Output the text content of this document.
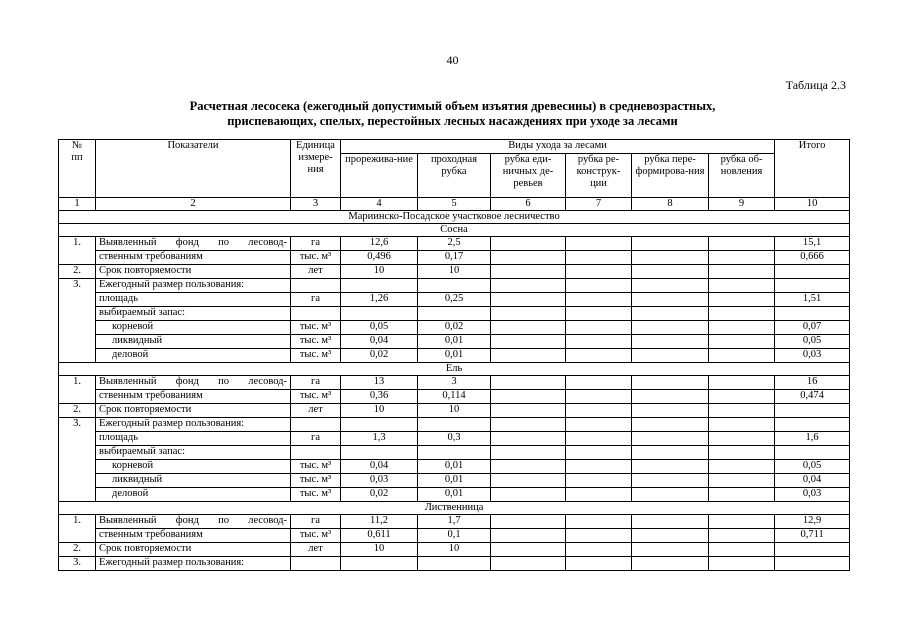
40
Таблица 2.3
Расчетная лесосека (ежегодный допустимый объем изъятия древесины) в средневозрастных,
приспевающих, спелых, перестойных лесных насаждениях при уходе за лесами
№
пп	Показатели	Единица измере-ния	Виды ухода за лесами						Итого
			прорежива-ние	проходная рубка	рубка еди-ничных де-ревьев	рубка ре-конструк-ции	рубка пере-формирова-ния	рубка об-новления	
1	2	3	4	5	6	7	8	9	10
Мариинско-Посадское участковое лесничество									
Сосна									
1.	Выявленный фонд по лесовод-	га	12,6	2,5					15,1
	ственным требованиям	тыс. м³	0,496	0,17					0,666
2.	Срок повторяемости	лет	10	10					
3.	Ежегодный размер пользования:								
	площадь	га	1,26	0,25					1,51
	выбираемый запас:								
	корневой	тыс. м³	0,05	0,02					0,07
	ликвидный	тыс. м³	0,04	0,01					0,05
	деловой	тыс. м³	0,02	0,01					0,03
Ель									
1.	Выявленный фонд по лесовод-	га	13	3					16
	ственным требованиям	тыс. м³	0,36	0,114					0,474
2.	Срок повторяемости	лет	10	10					
3.	Ежегодный размер пользования:								
	площадь	га	1,3	0,3					1,6
	выбираемый запас:								
	корневой	тыс. м³	0,04	0,01					0,05
	ликвидный	тыс. м³	0,03	0,01					0,04
	деловой	тыс. м³	0,02	0,01					0,03
Лиственница									
1.	Выявленный фонд по лесовод-	га	11,2	1,7					12,9
	ственным требованиям	тыс. м³	0,611	0,1					0,711
2.	Срок повторяемости	лет	10	10					
3.	Ежегодный размер пользования:								
